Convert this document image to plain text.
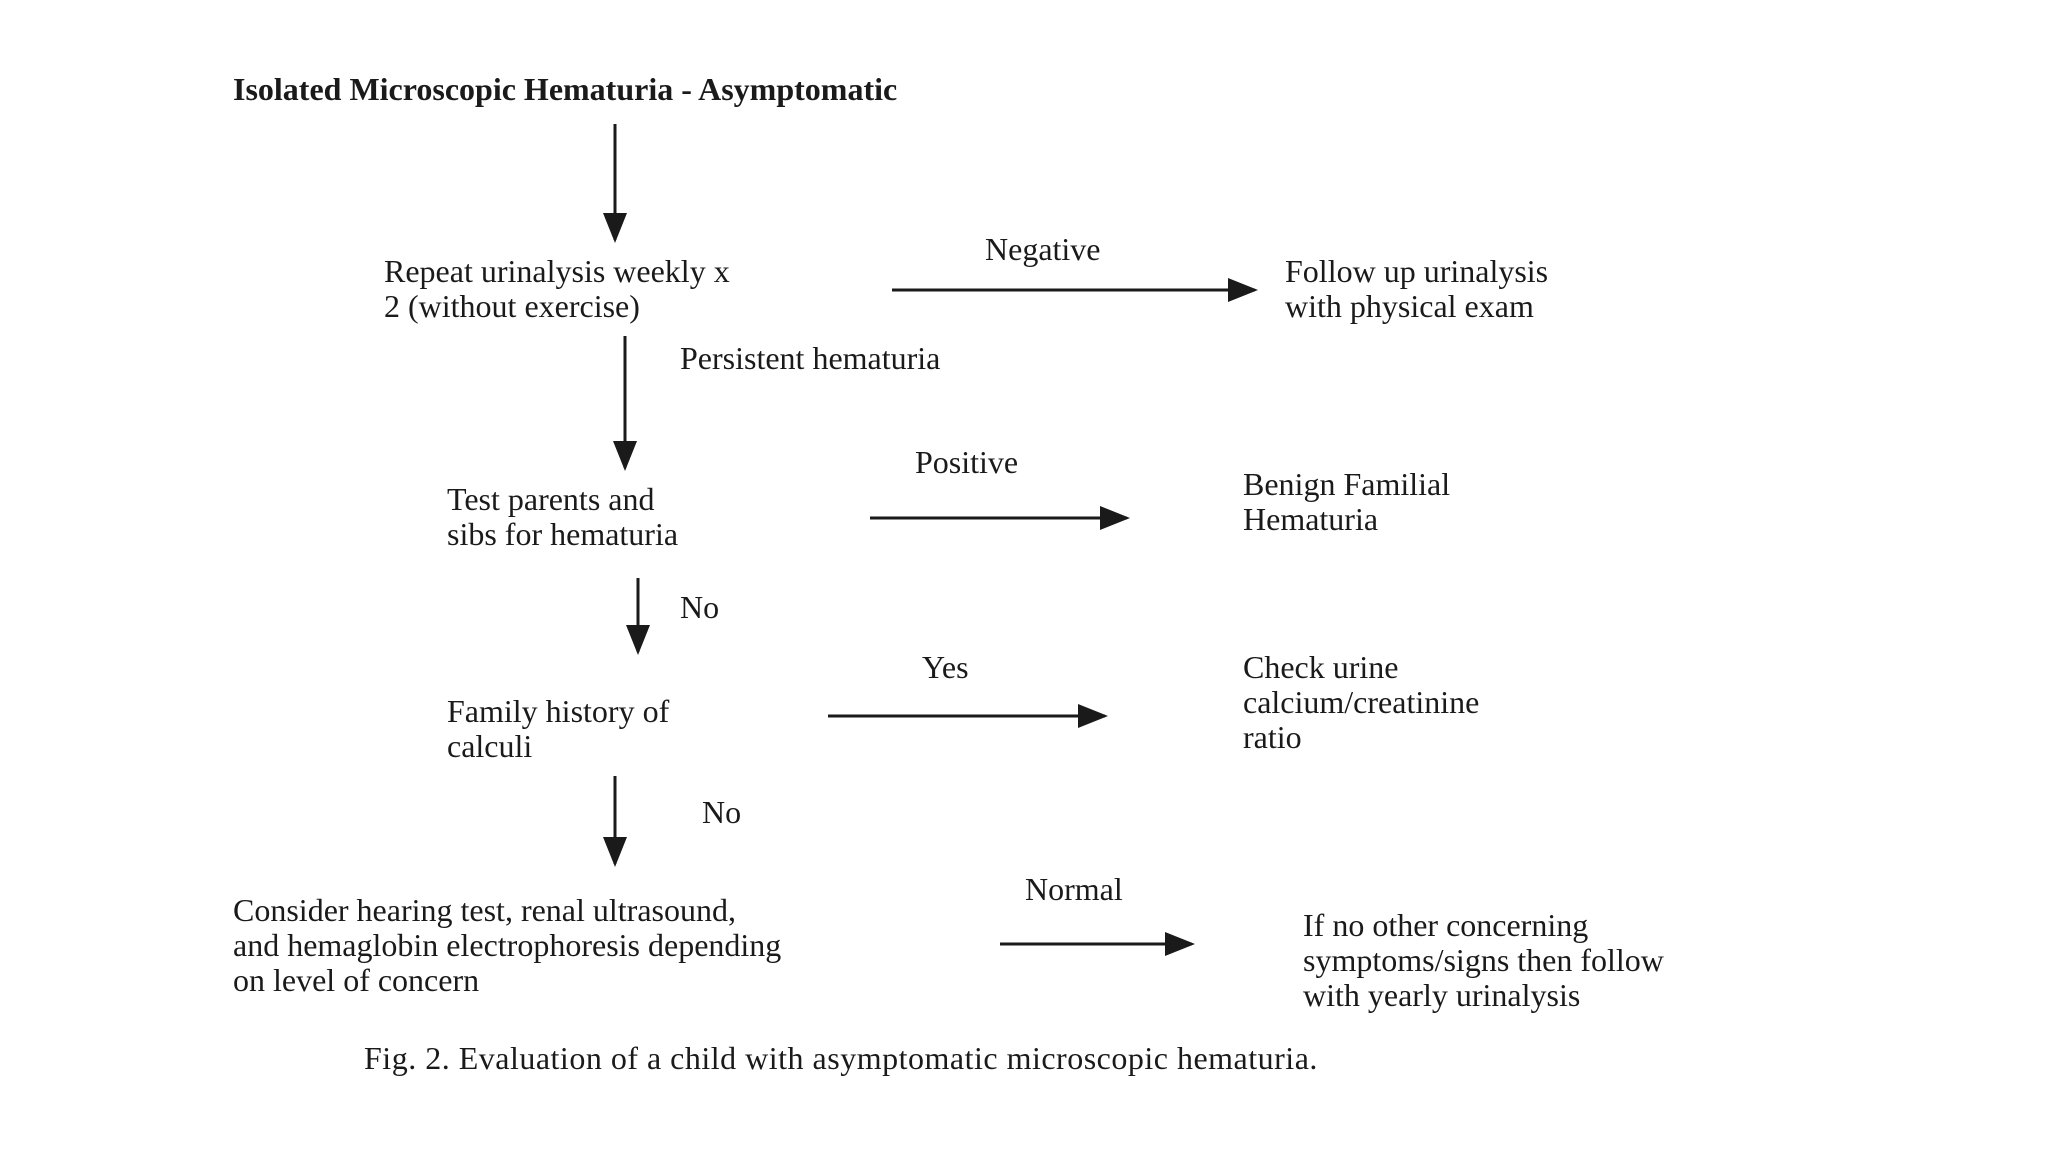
Isolated Microscopic Hematuria - Asymptomatic

Repeat urinalysis weekly x
2 (without exercise)

Test parents and
sibs for hematuria

Family history of
calculi

Consider hearing test, renal ultrasound,
and hemaglobin electrophoresis depending
on level of concern

Follow up urinalysis
with physical exam

Benign Familial
Hematuria

Check urine
calcium/creatinine
ratio

If no other concerning
symptoms/signs then follow
with yearly urinalysis

Negative

Persistent hematuria

Positive

No

Yes

No

Normal

Fig. 2. Evaluation of a child with asymptomatic microscopic hematuria.
